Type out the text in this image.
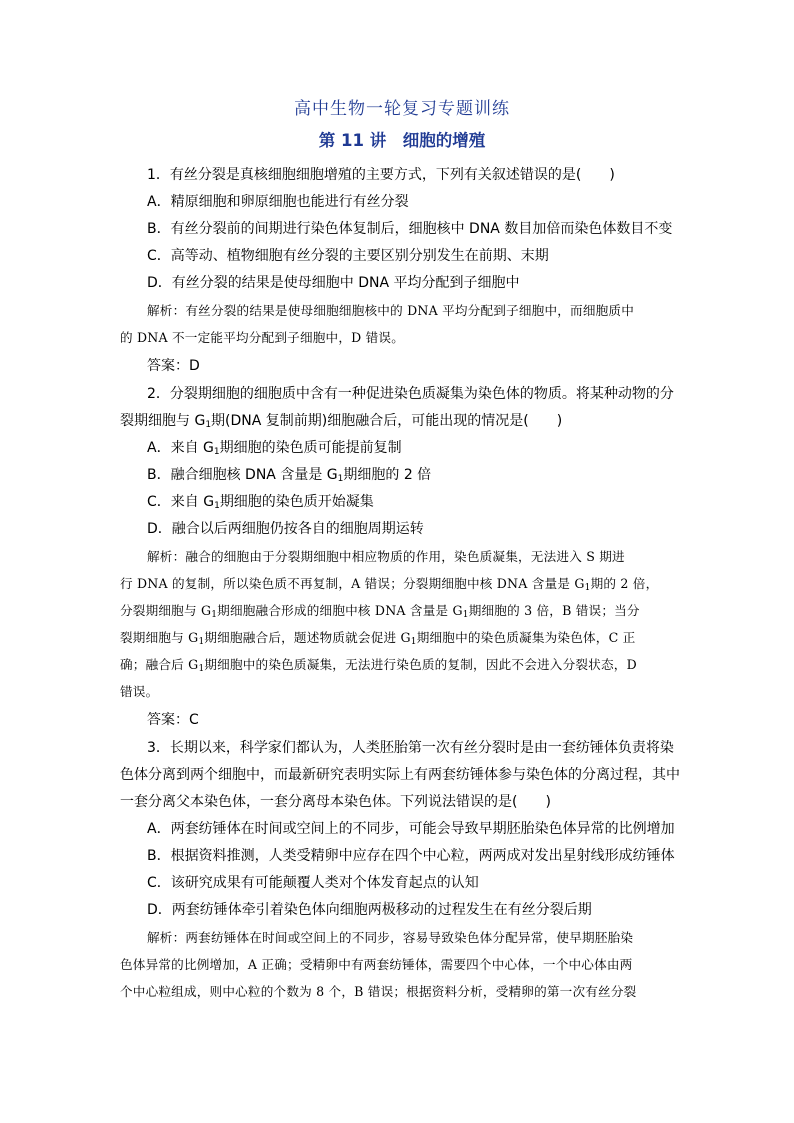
高中生物一轮复习专题训练
第 11 讲　细胞的增殖

1．有丝分裂是真核细胞细胞增殖的主要方式，下列有关叙述错误的是(　　)

A．精原细胞和卵原细胞也能进行有丝分裂

B．有丝分裂前的间期进行染色体复制后，细胞核中 DNA 数目加倍而染色体数目不变

C．高等动、植物细胞有丝分裂的主要区别分别发生在前期、末期

D．有丝分裂的结果是使母细胞中 DNA 平均分配到子细胞中

解析：有丝分裂的结果是使母细胞细胞核中的 DNA 平均分配到子细胞中，而细胞质中

的 DNA 不一定能平均分配到子细胞中，D 错误。

答案：D

2．分裂期细胞的细胞质中含有一种促进染色质凝集为染色体的物质。将某种动物的分

裂期细胞与 $G_1$期(DNA 复制前期)细胞融合后，可能出现的情况是(　　)

A．来自 $G_1$期细胞的染色质可能提前复制

B．融合细胞核 DNA 含量是 $G_1$期细胞的 2 倍

C．来自 $G_1$期细胞的染色质开始凝集

D．融合以后两细胞仍按各自的细胞周期运转

解析：融合的细胞由于分裂期细胞中相应物质的作用，染色质凝集，无法进入 S 期进

行 DNA 的复制，所以染色质不再复制，A 错误；分裂期细胞中核 DNA 含量是 $G_1$期的 2 倍，

分裂期细胞与 $G_1$期细胞融合形成的细胞中核 DNA 含量是 $G_1$期细胞的 3 倍，B 错误；当分

裂期细胞与 $G_1$期细胞融合后，题述物质就会促进 $G_1$期细胞中的染色质凝集为染色体，C 正

确；融合后 $G_1$期细胞中的染色质凝集，无法进行染色质的复制，因此不会进入分裂状态，D

错误。

答案：C

3．长期以来，科学家们都认为，人类胚胎第一次有丝分裂时是由一套纺锤体负责将染

色体分离到两个细胞中，而最新研究表明实际上有两套纺锤体参与染色体的分离过程，其中

一套分离父本染色体，一套分离母本染色体。下列说法错误的是(　　)

A．两套纺锤体在时间或空间上的不同步，可能会导致早期胚胎染色体异常的比例增加

B．根据资料推测，人类受精卵中应存在四个中心粒，两两成对发出星射线形成纺锤体

C．该研究成果有可能颠覆人类对个体发育起点的认知

D．两套纺锤体牵引着染色体向细胞两极移动的过程发生在有丝分裂后期

解析：两套纺锤体在时间或空间上的不同步，容易导致染色体分配异常，使早期胚胎染

色体异常的比例增加，A 正确；受精卵中有两套纺锤体，需要四个中心体，一个中心体由两

个中心粒组成，则中心粒的个数为 8 个，B 错误；根据资料分析，受精卵的第一次有丝分裂
